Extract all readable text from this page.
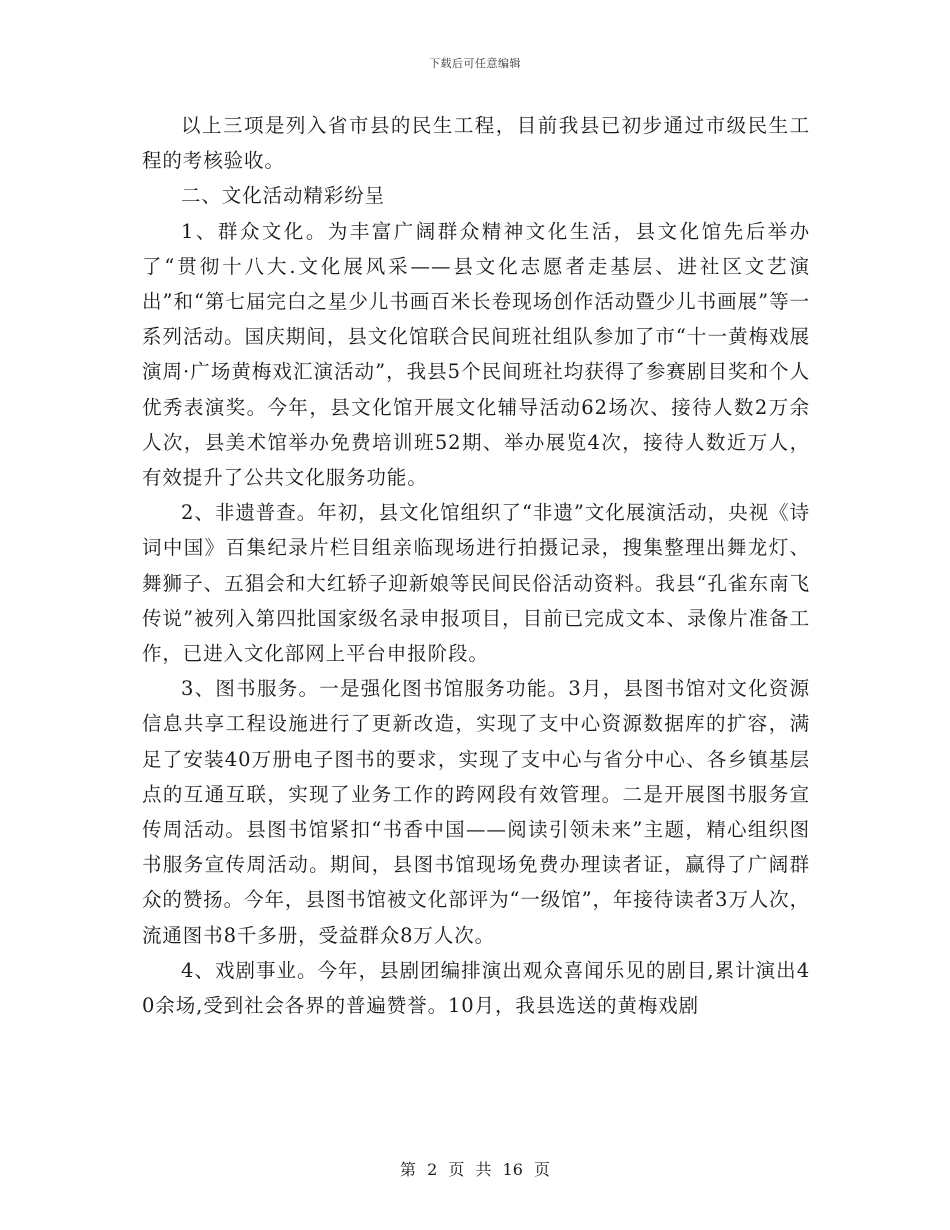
下载后可任意编辑

以上三项是列入省市县的民生工程，目前我县已初步通过市级民生工程的考核验收。

二、文化活动精彩纷呈

1、群众文化。为丰富广阔群众精神文化生活，县文化馆先后举办了“贯彻十八大.文化展风采——县文化志愿者走基层、进社区文艺演出”和“第七届完白之星少儿书画百米长卷现场创作活动暨少儿书画展”等一系列活动。国庆期间，县文化馆联合民间班社组队参加了市“十一黄梅戏展演周·广场黄梅戏汇演活动”，我县5个民间班社均获得了参赛剧目奖和个人优秀表演奖。今年，县文化馆开展文化辅导活动62场次、接待人数2万余人次，县美术馆举办免费培训班52期、举办展览4次，接待人数近万人，有效提升了公共文化服务功能。

2、非遗普查。年初，县文化馆组织了“非遗”文化展演活动，央视《诗词中国》百集纪录片栏目组亲临现场进行拍摄记录，搜集整理出舞龙灯、舞狮子、五猖会和大红轿子迎新娘等民间民俗活动资料。我县“孔雀东南飞传说”被列入第四批国家级名录申报项目，目前已完成文本、录像片准备工作，已进入文化部网上平台申报阶段。

3、图书服务。一是强化图书馆服务功能。3月，县图书馆对文化资源信息共享工程设施进行了更新改造，实现了支中心资源数据库的扩容，满足了安装40万册电子图书的要求，实现了支中心与省分中心、各乡镇基层点的互通互联，实现了业务工作的跨网段有效管理。二是开展图书服务宣传周活动。县图书馆紧扣“书香中国——阅读引领未来”主题，精心组织图书服务宣传周活动。期间，县图书馆现场免费办理读者证，赢得了广阔群众的赞扬。今年，县图书馆被文化部评为“一级馆”，年接待读者3万人次，流通图书8千多册，受益群众8万人次。

4、戏剧事业。今年，县剧团编排演出观众喜闻乐见的剧目,累计演出40余场,受到社会各界的普遍赞誉。10月，我县选送的黄梅戏剧

第 2 页 共 16 页
